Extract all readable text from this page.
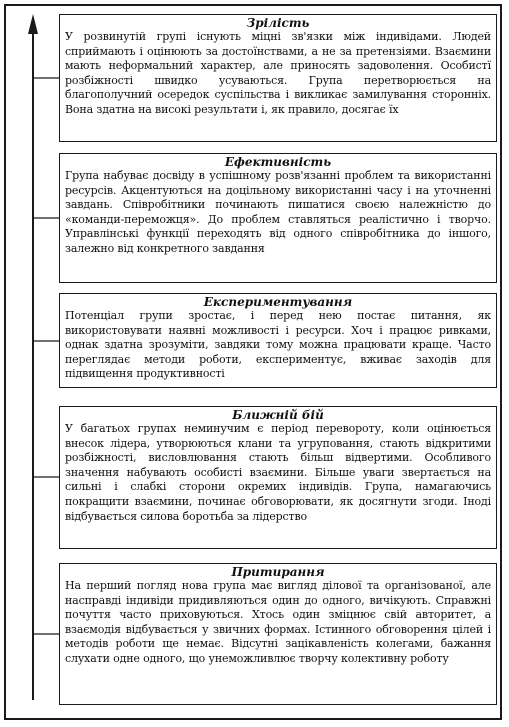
Зрілість

У розвинутій групі існують міцні зв'язки між індивідами. Людей сприймають і оцінюють за достоїнствами, а не за претензіями. Взаємини мають неформальний характер, але приносять задоволення. Особистї розбіжності швидко усуваються. Група перетворюється на благополучний осередок суспільства і викликає замилування сторонніх. Вона здатна на високі результати і, як правило, досягає їх

Ефективність

Група набуває досвіду в успішному розв'язанні проблем та використанні ресурсів. Акцентуються на доцільному використанні часу і на уточненні завдань. Співробітники починають пишатися своєю належністю до «команди-переможця». До проблем ставляться реалістично і творчо. Управлінські функції переходять від одного співробітника до іншого, залежно від конкретного завдання

Експериментування

Потенціал групи зростає, і перед нею постає питання, як використовувати наявні можливості і ресурси. Хоч і працює ривками, однак здатна зрозуміти, завдяки тому можна працювати краще. Часто переглядає методи роботи, експериментує, вживає заходів для підвищення продуктивності

Ближній бій

У багатьох групах неминучим є період перевороту, коли оцінюється внесок лідера, утворюються клани та угруповання, стають відкритими розбіжності, висловлювання стають більш відвертими. Особливого значення набувають особисті взаємини. Більше уваги звертається на сильні і слабкі сторони окремих індивідів. Група, намагаючись покращити взаємини, починає обговорювати, як досягнути згоди. Іноді відбувається силова боротьба за лідерство

Притирання

На перший погляд нова група має вигляд ділової та організованої, але насправді індивіди придивляються один до одного, вичікують. Справжні почуття часто приховуються. Хтось один зміцнює свій авторитет, а взаємодія відбувається у звичних формах. Істинного обговорення цілей і методів роботи ще немає. Відсутні зацікавленість колегами, бажання слухати одне одного, що унеможливлює творчу колективну роботу
